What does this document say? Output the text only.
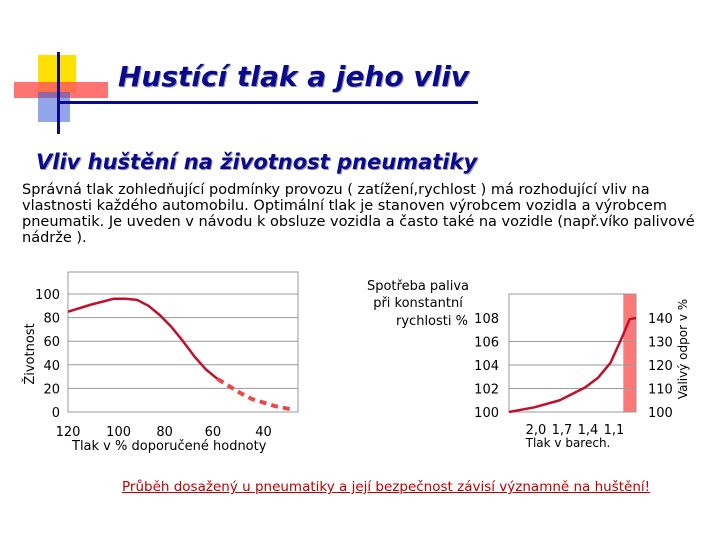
Hustící tlak a jeho vliv
Vliv huštění na životnost pneumatiky

Správná tlak zohledňující podmínky provozu ( zatížení,rychlost ) má rozhodující vliv na vlastnosti každého automobilu. Optimální tlak je stanoven výrobcem vozidla a výrobcem pneumatik. Je uveden v návodu k obsluze vozidla a často také na vozidle (např.víko palivové nádrže ).

100
80
60
40
20
0
120 100 80 60	40
Životnost
Tlak v % doporučené hodnoty
108
106
104
102
100
140
130
120
110
100
Valivý odpor v %
Spotřeba paliva
při konstantní
rychlosti %
2,0 1,7 1,4 1,1
Tlak v barech.
Průběh dosažený u pneumatiky a její bezpečnost závisí významně na huštění!
